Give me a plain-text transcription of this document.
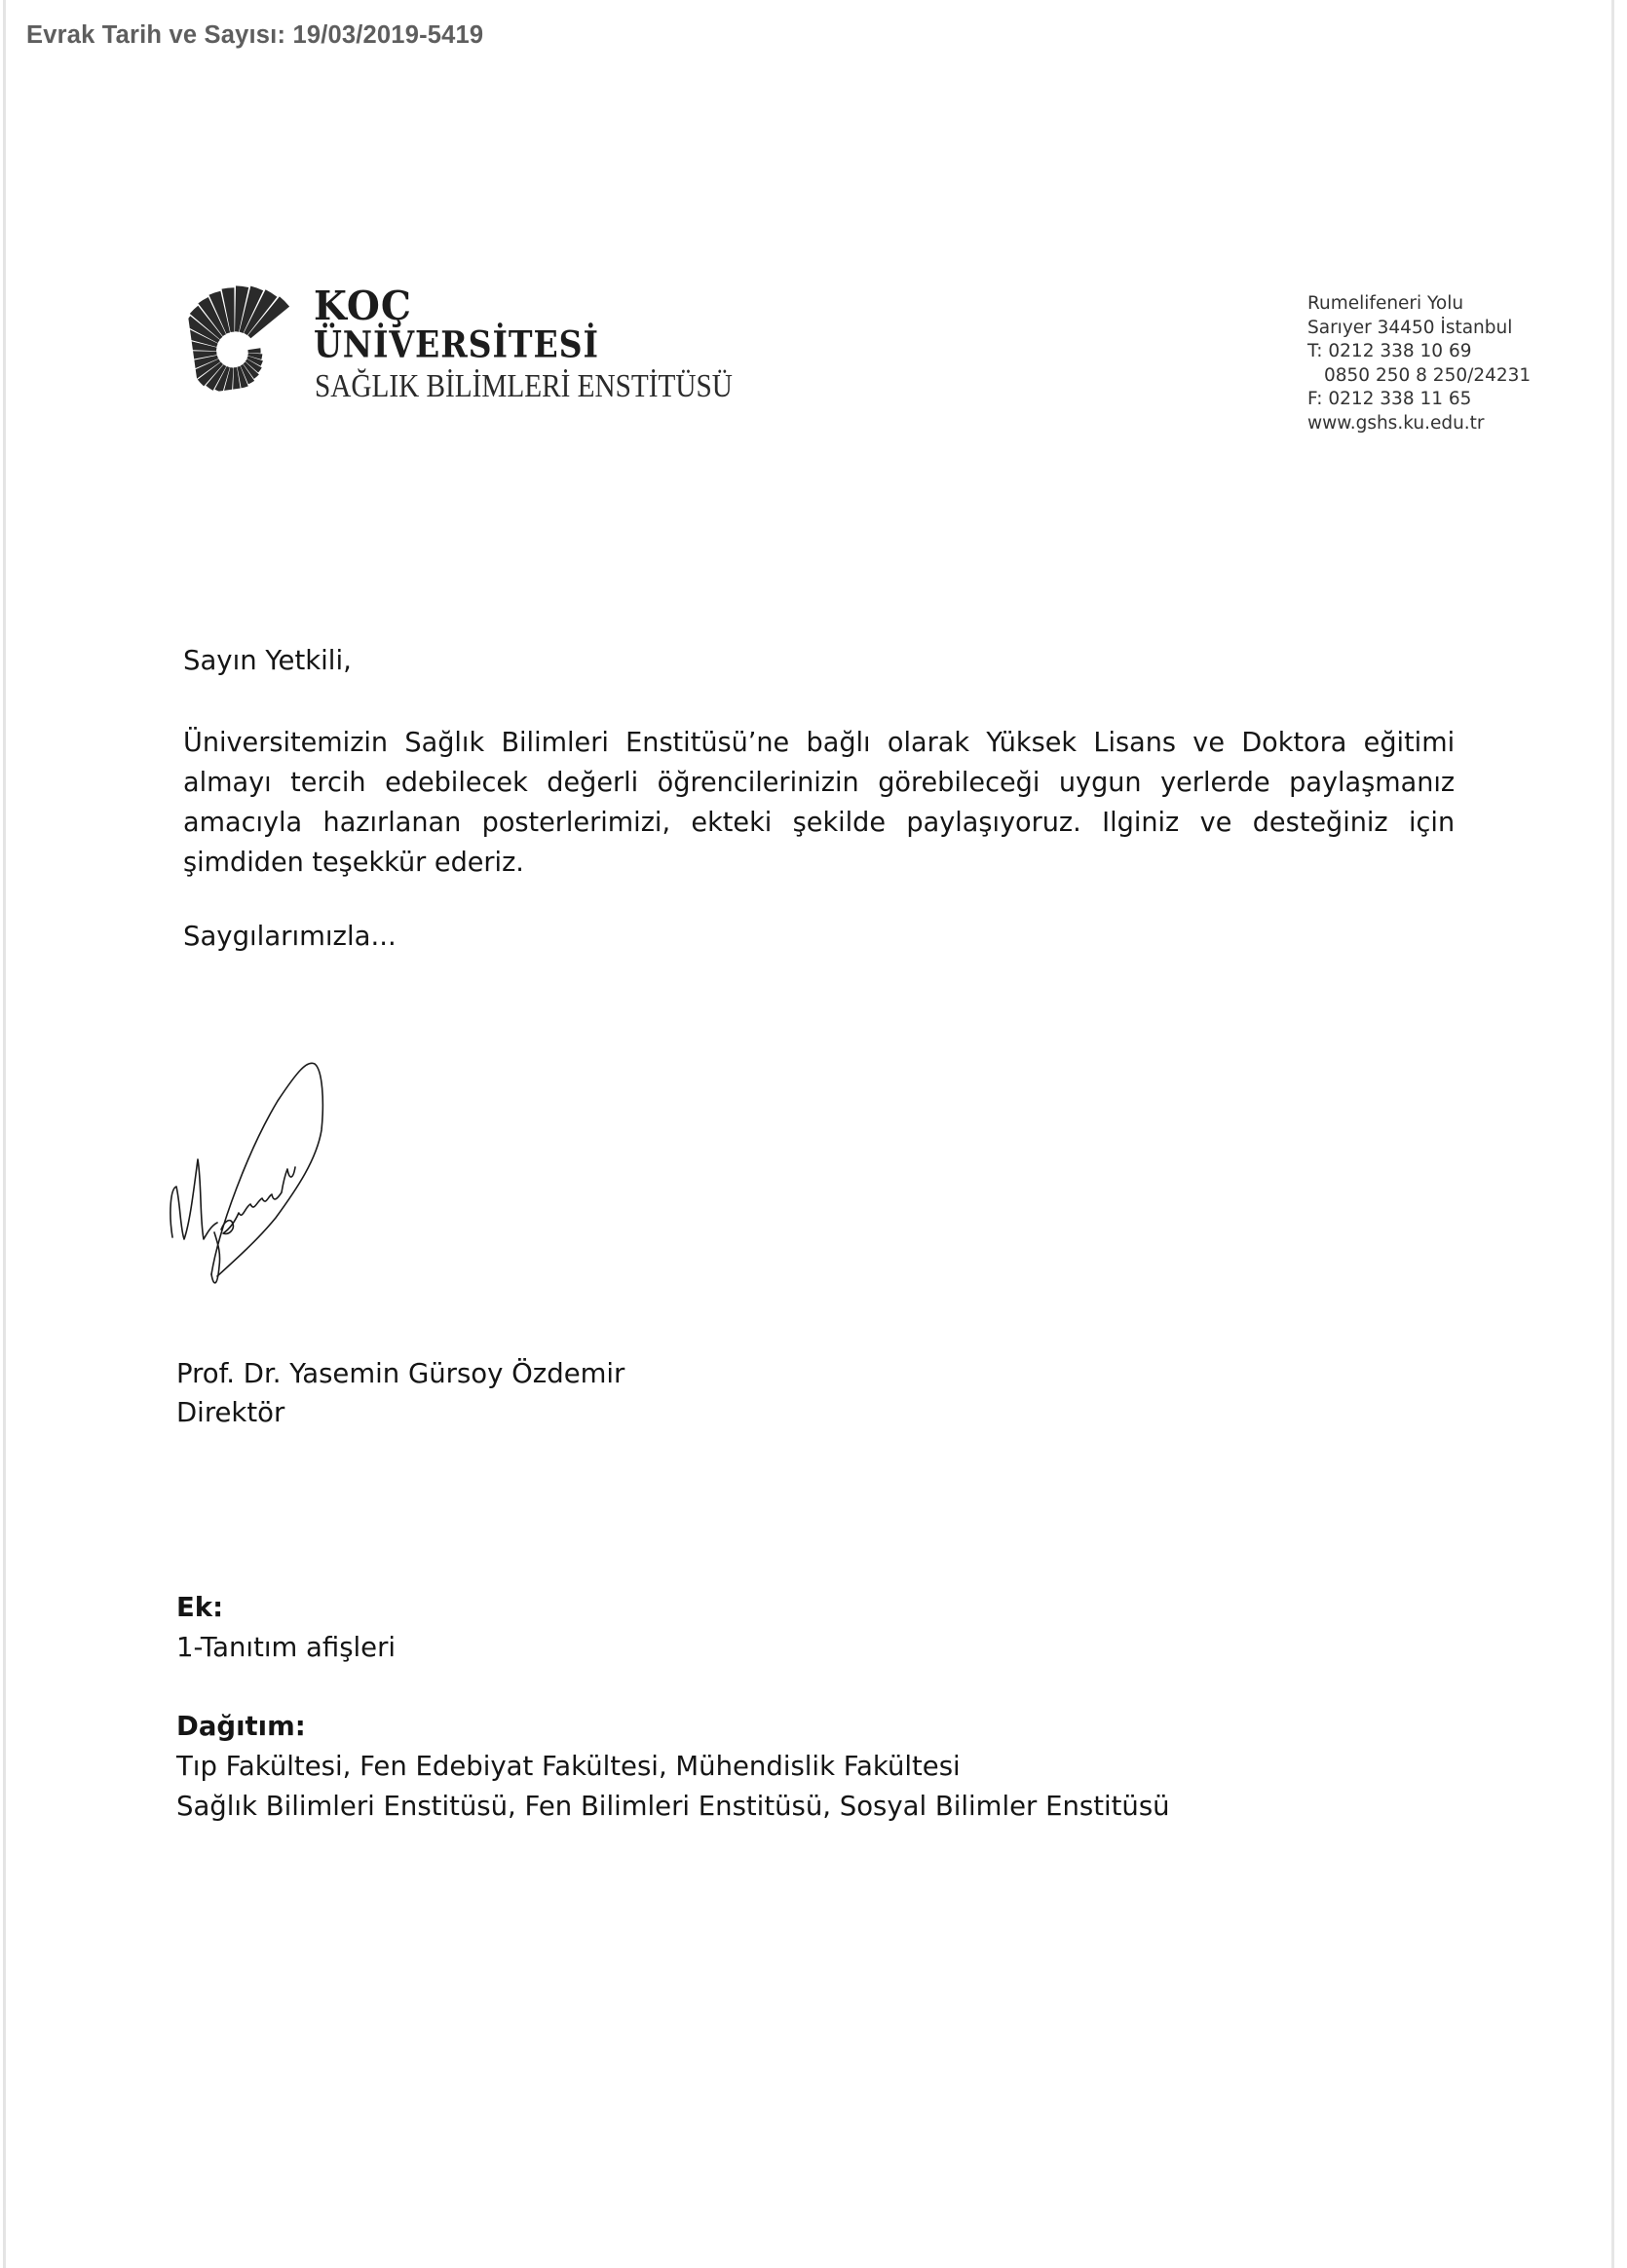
Evrak Tarih ve Sayısı: 19/03/2019-5419
KOÇ
ÜNİVERSİTESİ
SAĞLIK BİLİMLERİ ENSTİTÜSÜ
Rumelifeneri Yolu
Sarıyer 34450 İstanbul
T: 0212 338 10 69
0850 250 8 250/24231
F: 0212 338 11 65
www.gshs.ku.edu.tr
Sayın Yetkili,
Üniversitemizin Sağlık Bilimleri Enstitüsü’ne bağlı olarak Yüksek Lisans ve Doktora eğitimi almayı tercih edebilecek değerli öğrencilerinizin görebileceği uygun yerlerde paylaşmanız amacıyla hazırlanan posterlerimizi, ekteki şekilde paylaşıyoruz. Ilginiz ve desteğiniz için şimdiden teşekkür ederiz.
Saygılarımızla...
Prof. Dr. Yasemin Gürsoy Özdemir
Direktör
Ek:
1-Tanıtım afişleri
Dağıtım:
Tıp Fakültesi, Fen Edebiyat Fakültesi, Mühendislik Fakültesi
Sağlık Bilimleri Enstitüsü, Fen Bilimleri Enstitüsü, Sosyal Bilimler Enstitüsü
